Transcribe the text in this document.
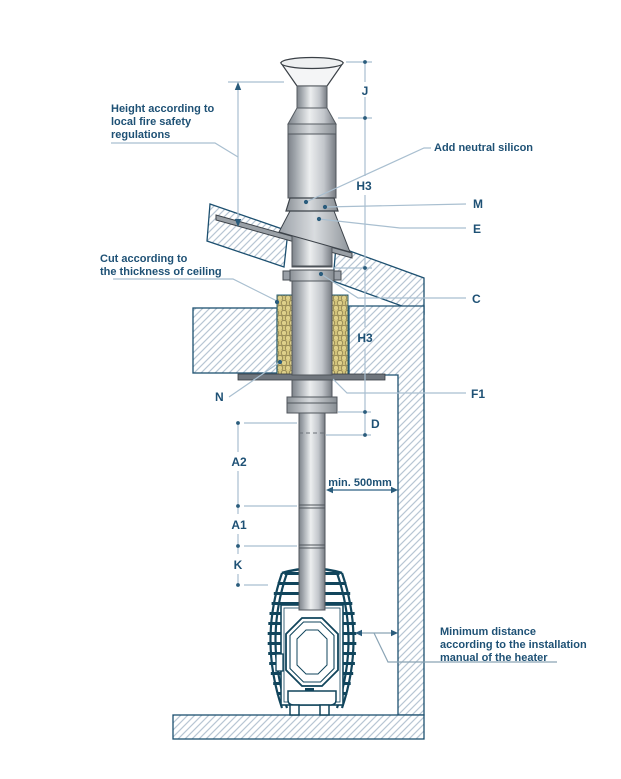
Height according to
local fire safety
regulations
Add neutral silicon
Cut according to
the thickness of ceiling
min. 500mm
Minimum distance
according to the installation
manual of the heater
J
H3
M
E
C
H3
F1
N
D
A2
A1
K
